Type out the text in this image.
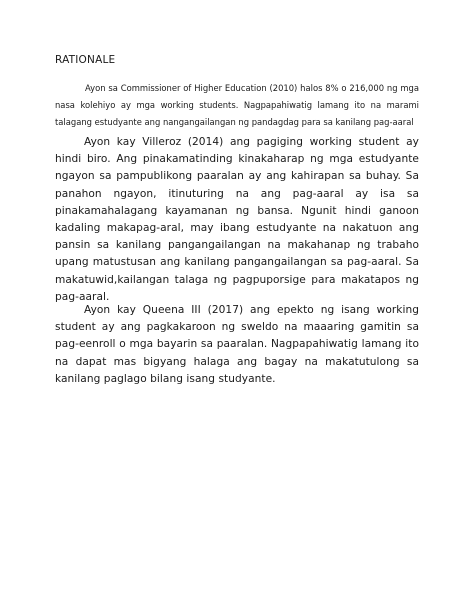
RATIONALE

Ayon sa Commissioner of Higher Education (2010) halos 8% o 216,000 ng mga nasa kolehiyo ay mga working students. Nagpapahiwatig lamang ito na marami talagang estudyante ang nangangailangan ng pandagdag para sa kanilang pag-aaral

Ayon kay Villeroz (2014) ang pagiging working student ay hindi biro. Ang pinakamatinding kinakaharap ng mga estudyante ngayon sa pampublikong paaralan ay ang kahirapan sa buhay. Sa panahon ngayon, itinuturing na ang pag-aaral ay isa sa pinakamahalagang kayamanan ng bansa. Ngunit hindi ganoon kadaling makapag-aral, may ibang estudyante na nakatuon ang pansin sa kanilang pangangailangan na makahanap ng trabaho upang matustusan ang kanilang pangangailangan sa pag-aaral. Sa makatuwid,kailangan talaga ng pagpuporsige para makatapos ng pag-aaral.

Ayon kay Queena III (2017) ang epekto ng isang working student ay ang pagkakaroon ng sweldo na maaaring gamitin sa pag-eenroll o mga bayarin sa paaralan. Nagpapahiwatig lamang ito na dapat mas bigyang halaga ang bagay na makatutulong sa kanilang paglago bilang isang studyante.
